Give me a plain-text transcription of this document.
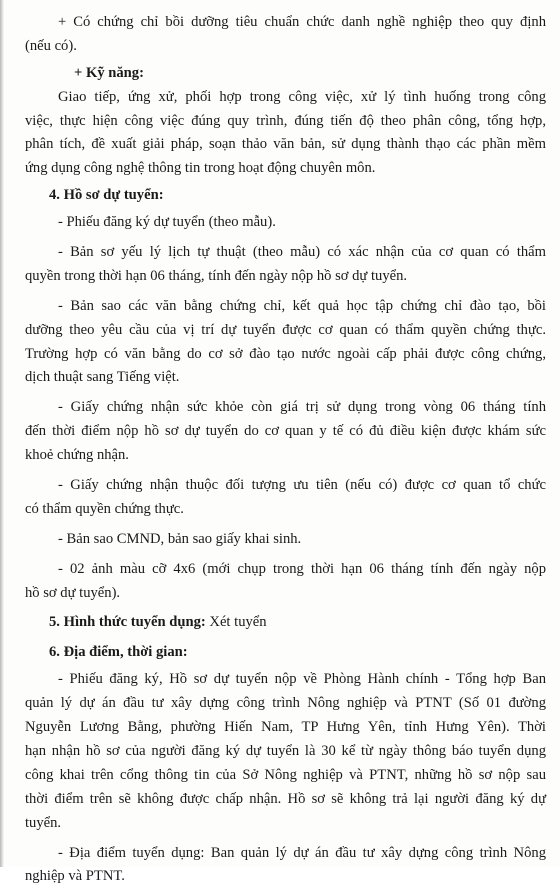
+ Có chứng chỉ bồi dưỡng tiêu chuẩn chức danh nghề nghiệp theo quy định
(nếu có).
+ Kỹ năng:
Giao tiếp, ứng xử, phối hợp trong công việc, xử lý tình huống trong công
việc, thực hiện công việc đúng quy trình, đúng tiến độ theo phân công, tổng hợp,
phân tích, đề xuất giải pháp, soạn thảo văn bản, sử dụng thành thạo các phần mềm
ứng dụng công nghệ thông tin trong hoạt động chuyên môn.
4. Hồ sơ dự tuyển:
- Phiếu đăng ký dự tuyển (theo mẫu).
- Bản sơ yếu lý lịch tự thuật (theo mẫu) có xác nhận của cơ quan có thẩm
quyền trong thời hạn 06 tháng, tính đến ngày nộp hồ sơ dự tuyển.
- Bản sao các văn bằng chứng chỉ, kết quả học tập chứng chỉ đào tạo, bồi
dưỡng theo yêu cầu của vị trí dự tuyển được cơ quan có thẩm quyền chứng thực.
Trường hợp có văn bằng do cơ sở đào tạo nước ngoài cấp phải được công chứng,
dịch thuật sang Tiếng việt.
- Giấy chứng nhận sức khỏe còn giá trị sử dụng trong vòng 06 tháng tính
đến thời điểm nộp hồ sơ dự tuyển do cơ quan y tế có đủ điều kiện được khám sức
khoẻ chứng nhận.
- Giấy chứng nhận thuộc đối tượng ưu tiên (nếu có) được cơ quan tổ chức
có thẩm quyền chứng thực.
- Bản sao CMND, bản sao giấy khai sinh.
- 02 ảnh màu cỡ 4x6 (mới chụp trong thời hạn 06 tháng tính đến ngày nộp
hồ sơ dự tuyển).
5. Hình thức tuyển dụng: Xét tuyển
6. Địa điểm, thời gian:
- Phiếu đăng ký, Hồ sơ dự tuyển nộp về Phòng Hành chính - Tổng hợp Ban
quản lý dự án đầu tư xây dựng công trình Nông nghiệp và PTNT (Số 01 đường
Nguyễn Lương Bằng, phường Hiến Nam, TP Hưng Yên, tỉnh Hưng Yên). Thời
hạn nhận hồ sơ của người đăng ký dự tuyển là 30 kể từ ngày thông báo tuyển dụng
công khai trên cổng thông tin của Sở Nông nghiệp và PTNT, những hồ sơ nộp sau
thời điểm trên sẽ không được chấp nhận. Hồ sơ sẽ không trả lại người đăng ký dự
tuyển.
- Địa điểm tuyển dụng: Ban quản lý dự án đầu tư xây dựng công trình Nông
nghiệp và PTNT.
